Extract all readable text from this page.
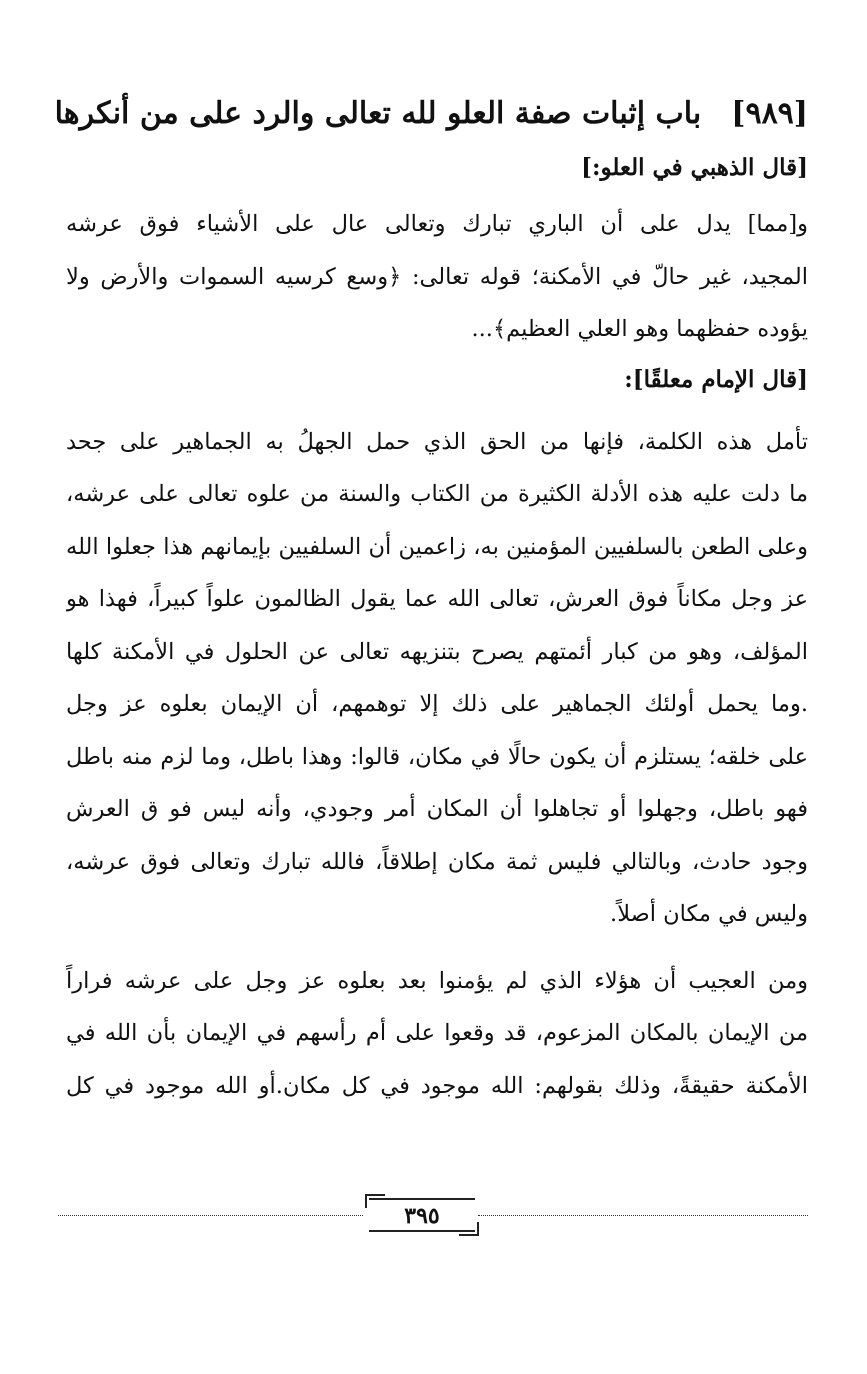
[٩٨٩]
باب إثبات صفة العلو لله تعالى والرد على من أنكرها
[قال الذهبي في العلو:]
و[مما] يدل على أن الباري تبارك وتعالى عال على الأشياء فوق عرشه
المجيد، غير حالّ في الأمكنة؛ قوله تعالى: ﴿وسع كرسيه السموات والأرض ولا
يؤوده حفظهما وهو العلي العظيم﴾...
[قال الإمام معلقًا]:
تأمل هذه الكلمة، فإنها من الحق الذي حمل الجهلُ به الجماهير على جحد
ما دلت عليه هذه الأدلة الكثيرة من الكتاب والسنة من علوه تعالى على عرشه،
وعلى الطعن بالسلفيين المؤمنين به، زاعمين أن السلفيين بإيمانهم هذا جعلوا الله
عز وجل مكاناً فوق العرش، تعالى الله عما يقول الظالمون علواً كبيراً، فهذا هو
المؤلف، وهو من كبار أئمتهم يصرح بتنزيهه تعالى عن الحلول في الأمكنة كلها
.وما يحمل أولئك الجماهير على ذلك إلا توهمهم، أن الإيمان بعلوه عز وجل
على خلقه؛ يستلزم أن يكون حالًا في مكان، قالوا: وهذا باطل، وما لزم منه باطل
فهو باطل، وجهلوا أو تجاهلوا أن المكان أمر وجودي، وأنه ليس فو ق العرش
وجود حادث، وبالتالي فليس ثمة مكان إطلاقاً، فالله تبارك وتعالى فوق عرشه،
وليس في مكان أصلاً.
ومن العجيب أن هؤلاء الذي لم يؤمنوا بعد بعلوه عز وجل على عرشه فراراً
من الإيمان بالمكان المزعوم، قد وقعوا على أم رأسهم في الإيمان بأن الله في
الأمكنة حقيقةً، وذلك بقولهم: الله موجود في كل مكان.أو الله موجود في كل
٣٩٥
